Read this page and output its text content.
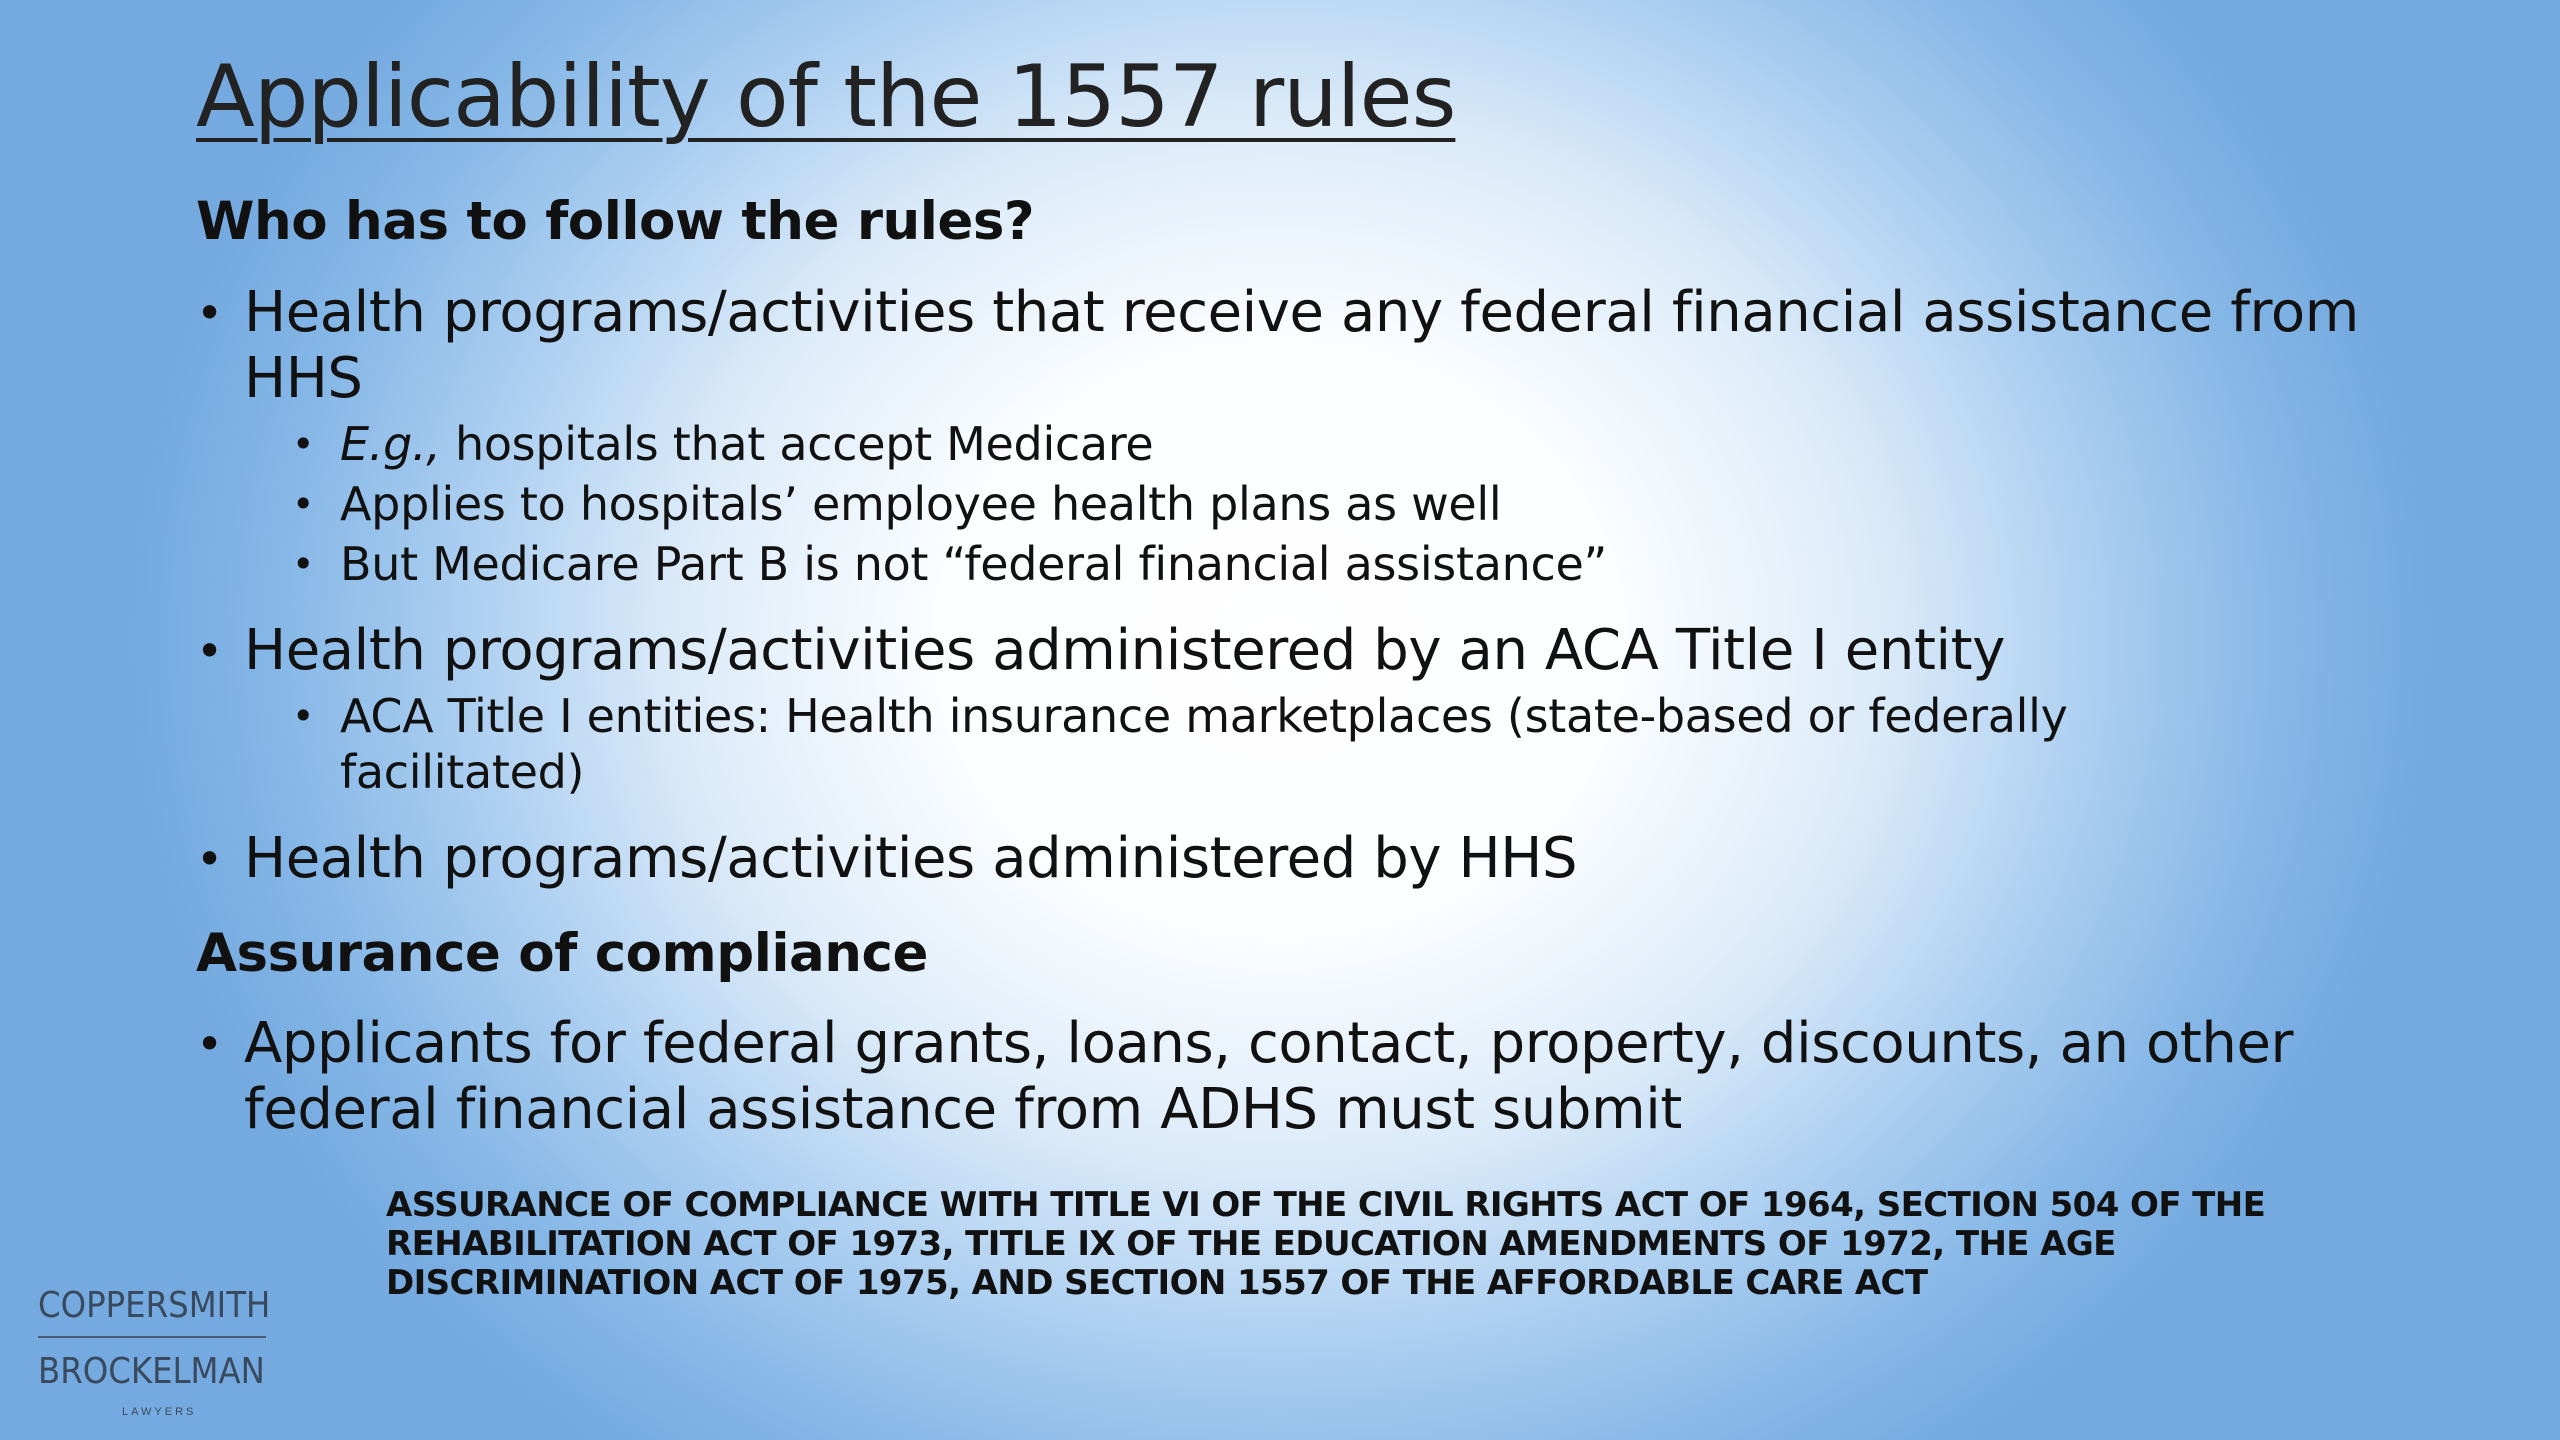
Applicability of the 1557 rules
Who has to follow the rules?
• Health programs/activities that receive any federal financial assistance from HHS
• E.g., hospitals that accept Medicare
• Applies to hospitals’ employee health plans as well
• But Medicare Part B is not “federal financial assistance”
• Health programs/activities administered by an ACA Title I entity
• ACA Title I entities: Health insurance marketplaces (state-based or federally facilitated)
• Health programs/activities administered by HHS
Assurance of compliance
• Applicants for federal grants, loans, contact, property, discounts, an other federal financial assistance from ADHS must submit

ASSURANCE OF COMPLIANCE WITH TITLE VI OF THE CIVIL RIGHTS ACT OF 1964, SECTION 504 OF THE REHABILITATION ACT OF 1973, TITLE IX OF THE EDUCATION AMENDMENTS OF 1972, THE AGE DISCRIMINATION ACT OF 1975, AND SECTION 1557 OF THE AFFORDABLE CARE ACT

COPPERSMITH
BROCKELMAN
LAWYERS
